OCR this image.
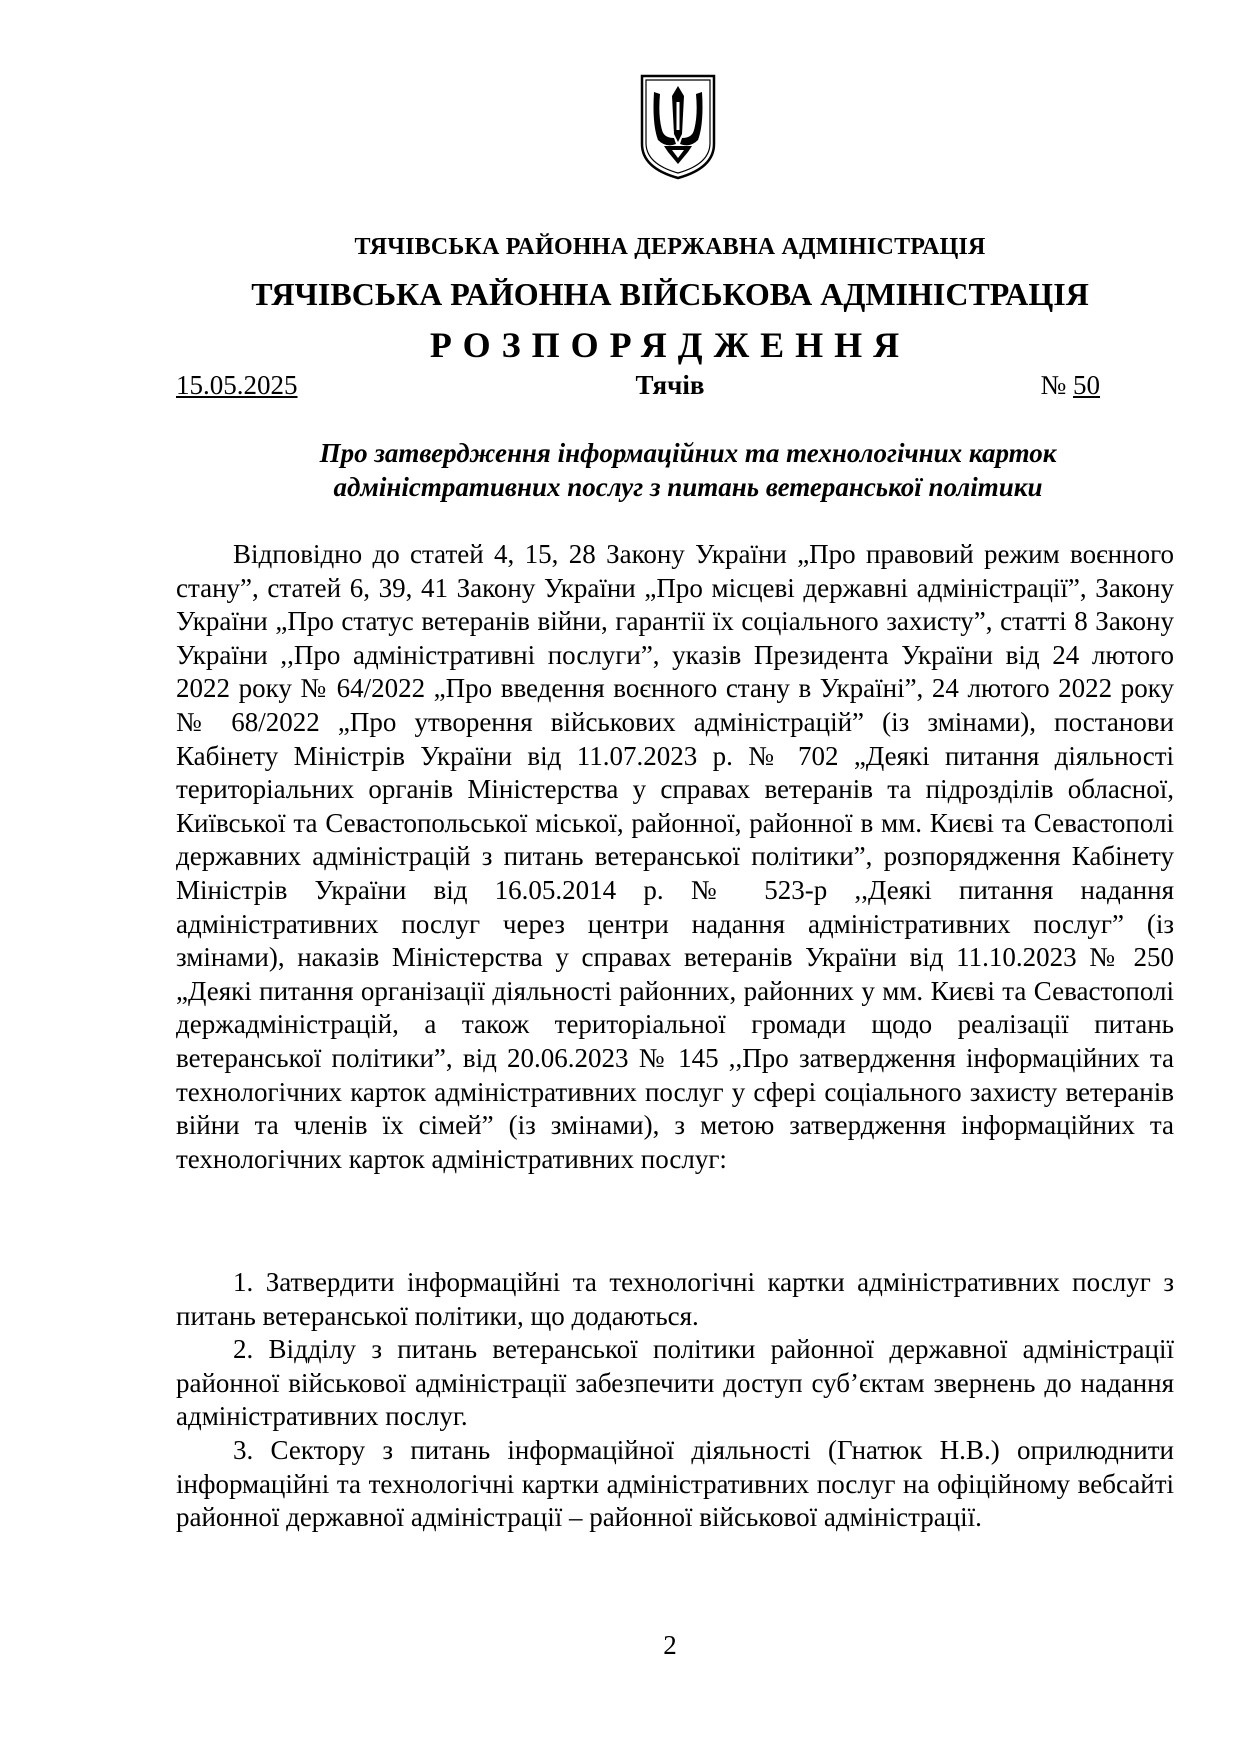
ТЯЧІВСЬКА РАЙОННА ДЕРЖАВНА АДМІНІСТРАЦІЯ
ТЯЧІВСЬКА РАЙОННА ВІЙСЬКОВА АДМІНІСТРАЦІЯ
РОЗПОРЯДЖЕННЯ
15.05.2025	Тячів	№ 50
Про затвердження інформаційних та технологічних карток
адміністративних послуг з питань ветеранської політики

Відповідно до статей 4, 15, 28 Закону України „Про правовий режим воєнного стану”, статей 6, 39, 41 Закону України „Про місцеві державні адміністрації”, Закону України „Про статус ветеранів війни, гарантії їх соціального захисту”, статті 8 Закону України ,,Про адміністративні послуги”, указів Президента України від 24 лютого 2022 року № 64/2022 „Про введення воєнного стану в Україні”, 24 лютого 2022 року № 68/2022 „Про утворення військових адміністрацій” (із змінами), постанови Кабінету Міністрів України від 11.07.2023 р. № 702 „Деякі питання діяльності територіальних органів Міністерства у справах ветеранів та підрозділів обласної, Київської та Севастопольської міської, районної, районної в мм. Києві та Севастополі державних адміністрацій з питань ветеранської політики”, розпорядження Кабінету Міністрів України від 16.05.2014 р. № 523-р ,,Деякі питання надання адміністративних послуг через центри надання адміністративних послуг” (із змінами), наказів Міністерства у справах ветеранів України від 11.10.2023 № 250 „Деякі питання організації діяльності районних, районних у мм. Києві та Севастополі держадміністрацій, а також територіальної громади щодо реалізації питань ветеранської політики”, від 20.06.2023 № 145 ,,Про затвердження інформаційних та технологічних карток адміністративних послуг у сфері соціального захисту ветеранів війни та членів їх сімей” (із змінами), з метою затвердження інформаційних та технологічних карток адміністративних послуг:

1. Затвердити інформаційні та технологічні картки адміністративних послуг з питань ветеранської політики, що додаються.

2. Відділу з питань ветеранської політики районної державної адміністрації районної військової адміністрації забезпечити доступ суб’єктам звернень до надання адміністративних послуг.

3. Сектору з питань інформаційної діяльності (Гнатюк Н.В.) оприлюднити інформаційні та технологічні картки адміністративних послуг на офіційному вебсайті районної державної адміністрації – районної військової адміністрації.

2
